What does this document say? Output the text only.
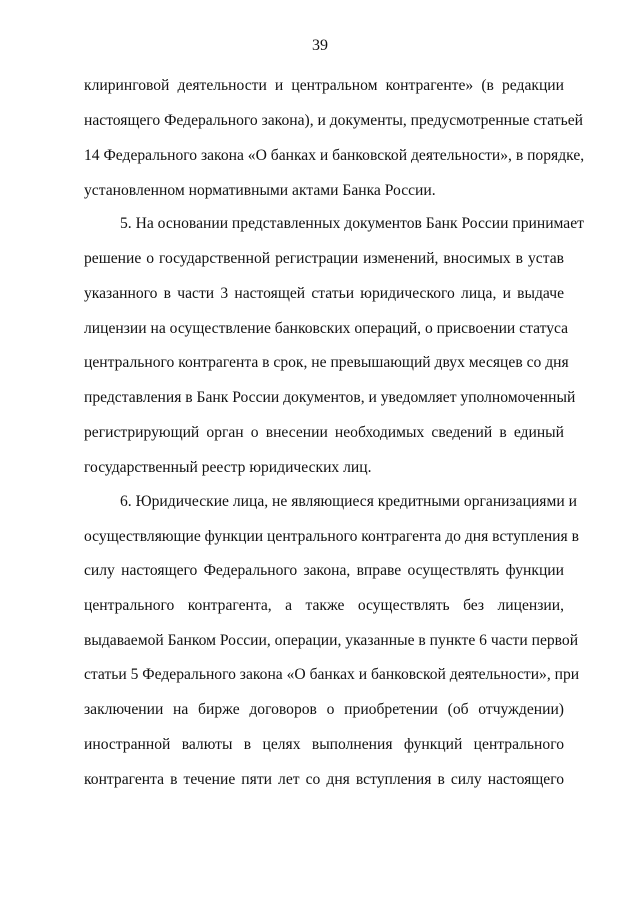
39
клиринговой деятельности и центральном контрагенте» (в редакции
настоящего Федерального закона), и документы, предусмотренные статьей
14 Федерального закона «О банках и банковской деятельности», в порядке,
установленном нормативными актами Банка России.
5. На основании представленных документов Банк России принимает
решение о государственной регистрации изменений, вносимых в устав
указанного в части 3 настоящей статьи юридического лица, и выдаче
лицензии на осуществление банковских операций, о присвоении статуса
центрального контрагента в срок, не превышающий двух месяцев со дня
представления в Банк России документов, и уведомляет уполномоченный
регистрирующий орган о внесении необходимых сведений в единый
государственный реестр юридических лиц.
6. Юридические лица, не являющиеся кредитными организациями и
осуществляющие функции центрального контрагента до дня вступления в
силу настоящего Федерального закона, вправе осуществлять функции
центрального контрагента, а также осуществлять без лицензии,
выдаваемой Банком России, операции, указанные в пункте 6 части первой
статьи 5 Федерального закона «О банках и банковской деятельности», при
заключении на бирже договоров о приобретении (об отчуждении)
иностранной валюты в целях выполнения функций центрального
контрагента в течение пяти лет со дня вступления в силу настоящего
